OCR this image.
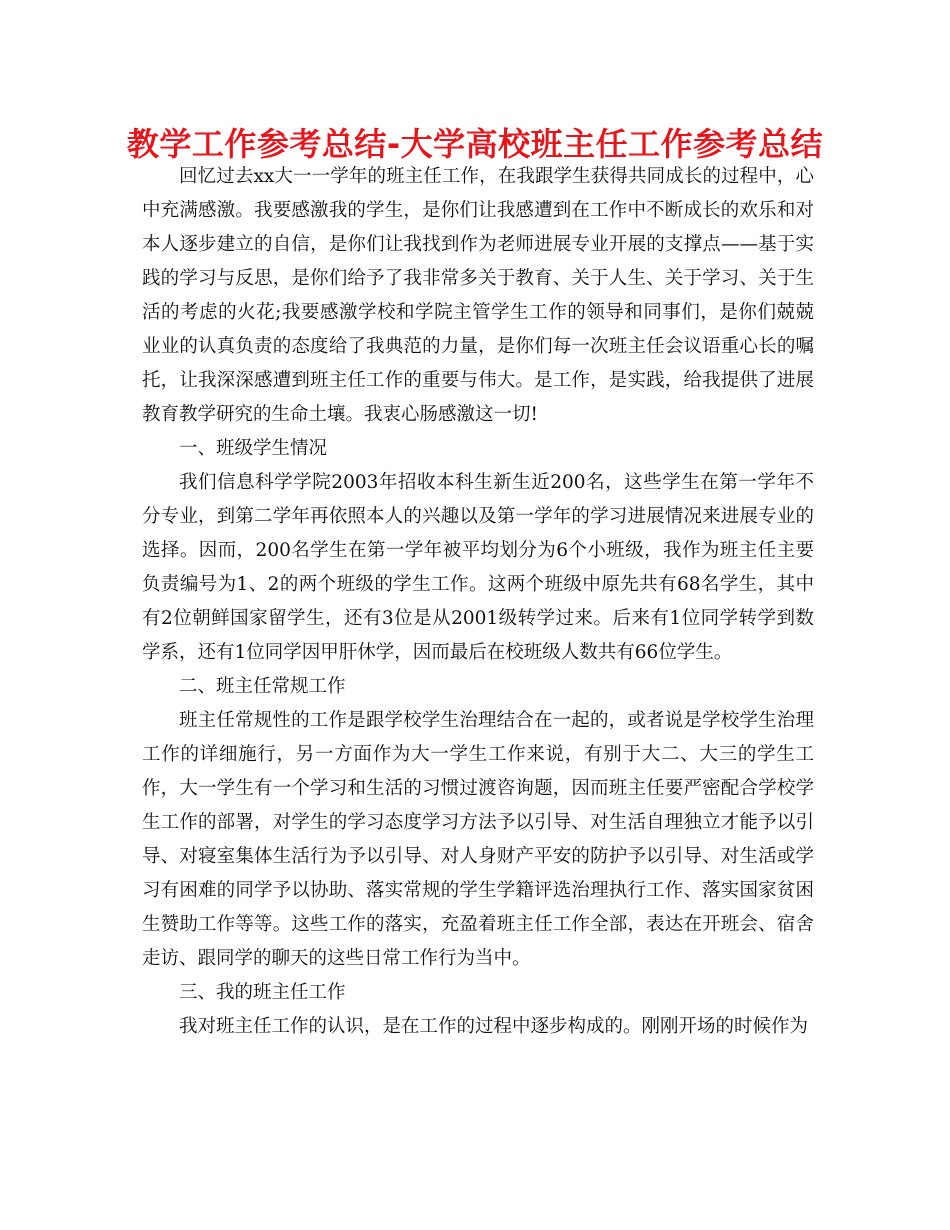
教学工作参考总结-大学高校班主任工作参考总结

回忆过去xx大一一学年的班主任工作，在我跟学生获得共同成长的过程中，心中充满感激。我要感激我的学生，是你们让我感遭到在工作中不断成长的欢乐和对本人逐步建立的自信，是你们让我找到作为老师进展专业开展的支撑点——基于实践的学习与反思，是你们给予了我非常多关于教育、关于人生、关于学习、关于生活的考虑的火花;我要感激学校和学院主管学生工作的领导和同事们，是你们兢兢业业的认真负责的态度给了我典范的力量，是你们每一次班主任会议语重心长的嘱托，让我深深感遭到班主任工作的重要与伟大。是工作，是实践，给我提供了进展教育教学研究的生命土壤。我衷心肠感激这一切!

一、班级学生情况

我们信息科学学院2003年招收本科生新生近200名，这些学生在第一学年不分专业，到第二学年再依照本人的兴趣以及第一学年的学习进展情况来进展专业的选择。因而，200名学生在第一学年被平均划分为6个小班级，我作为班主任主要负责编号为1、2的两个班级的学生工作。这两个班级中原先共有68名学生，其中有2位朝鲜国家留学生，还有3位是从2001级转学过来。后来有1位同学转学到数学系，还有1位同学因甲肝休学，因而最后在校班级人数共有66位学生。

二、班主任常规工作

班主任常规性的工作是跟学校学生治理结合在一起的，或者说是学校学生治理工作的详细施行，另一方面作为大一学生工作来说，有别于大二、大三的学生工作，大一学生有一个学习和生活的习惯过渡咨询题，因而班主任要严密配合学校学生工作的部署，对学生的学习态度学习方法予以引导、对生活自理独立才能予以引导、对寝室集体生活行为予以引导、对人身财产平安的防护予以引导、对生活或学习有困难的同学予以协助、落实常规的学生学籍评选治理执行工作、落实国家贫困生赞助工作等等。这些工作的落实，充盈着班主任工作全部，表达在开班会、宿舍走访、跟同学的聊天的这些日常工作行为当中。

三、我的班主任工作

我对班主任工作的认识，是在工作的过程中逐步构成的。刚刚开场的时候作为
